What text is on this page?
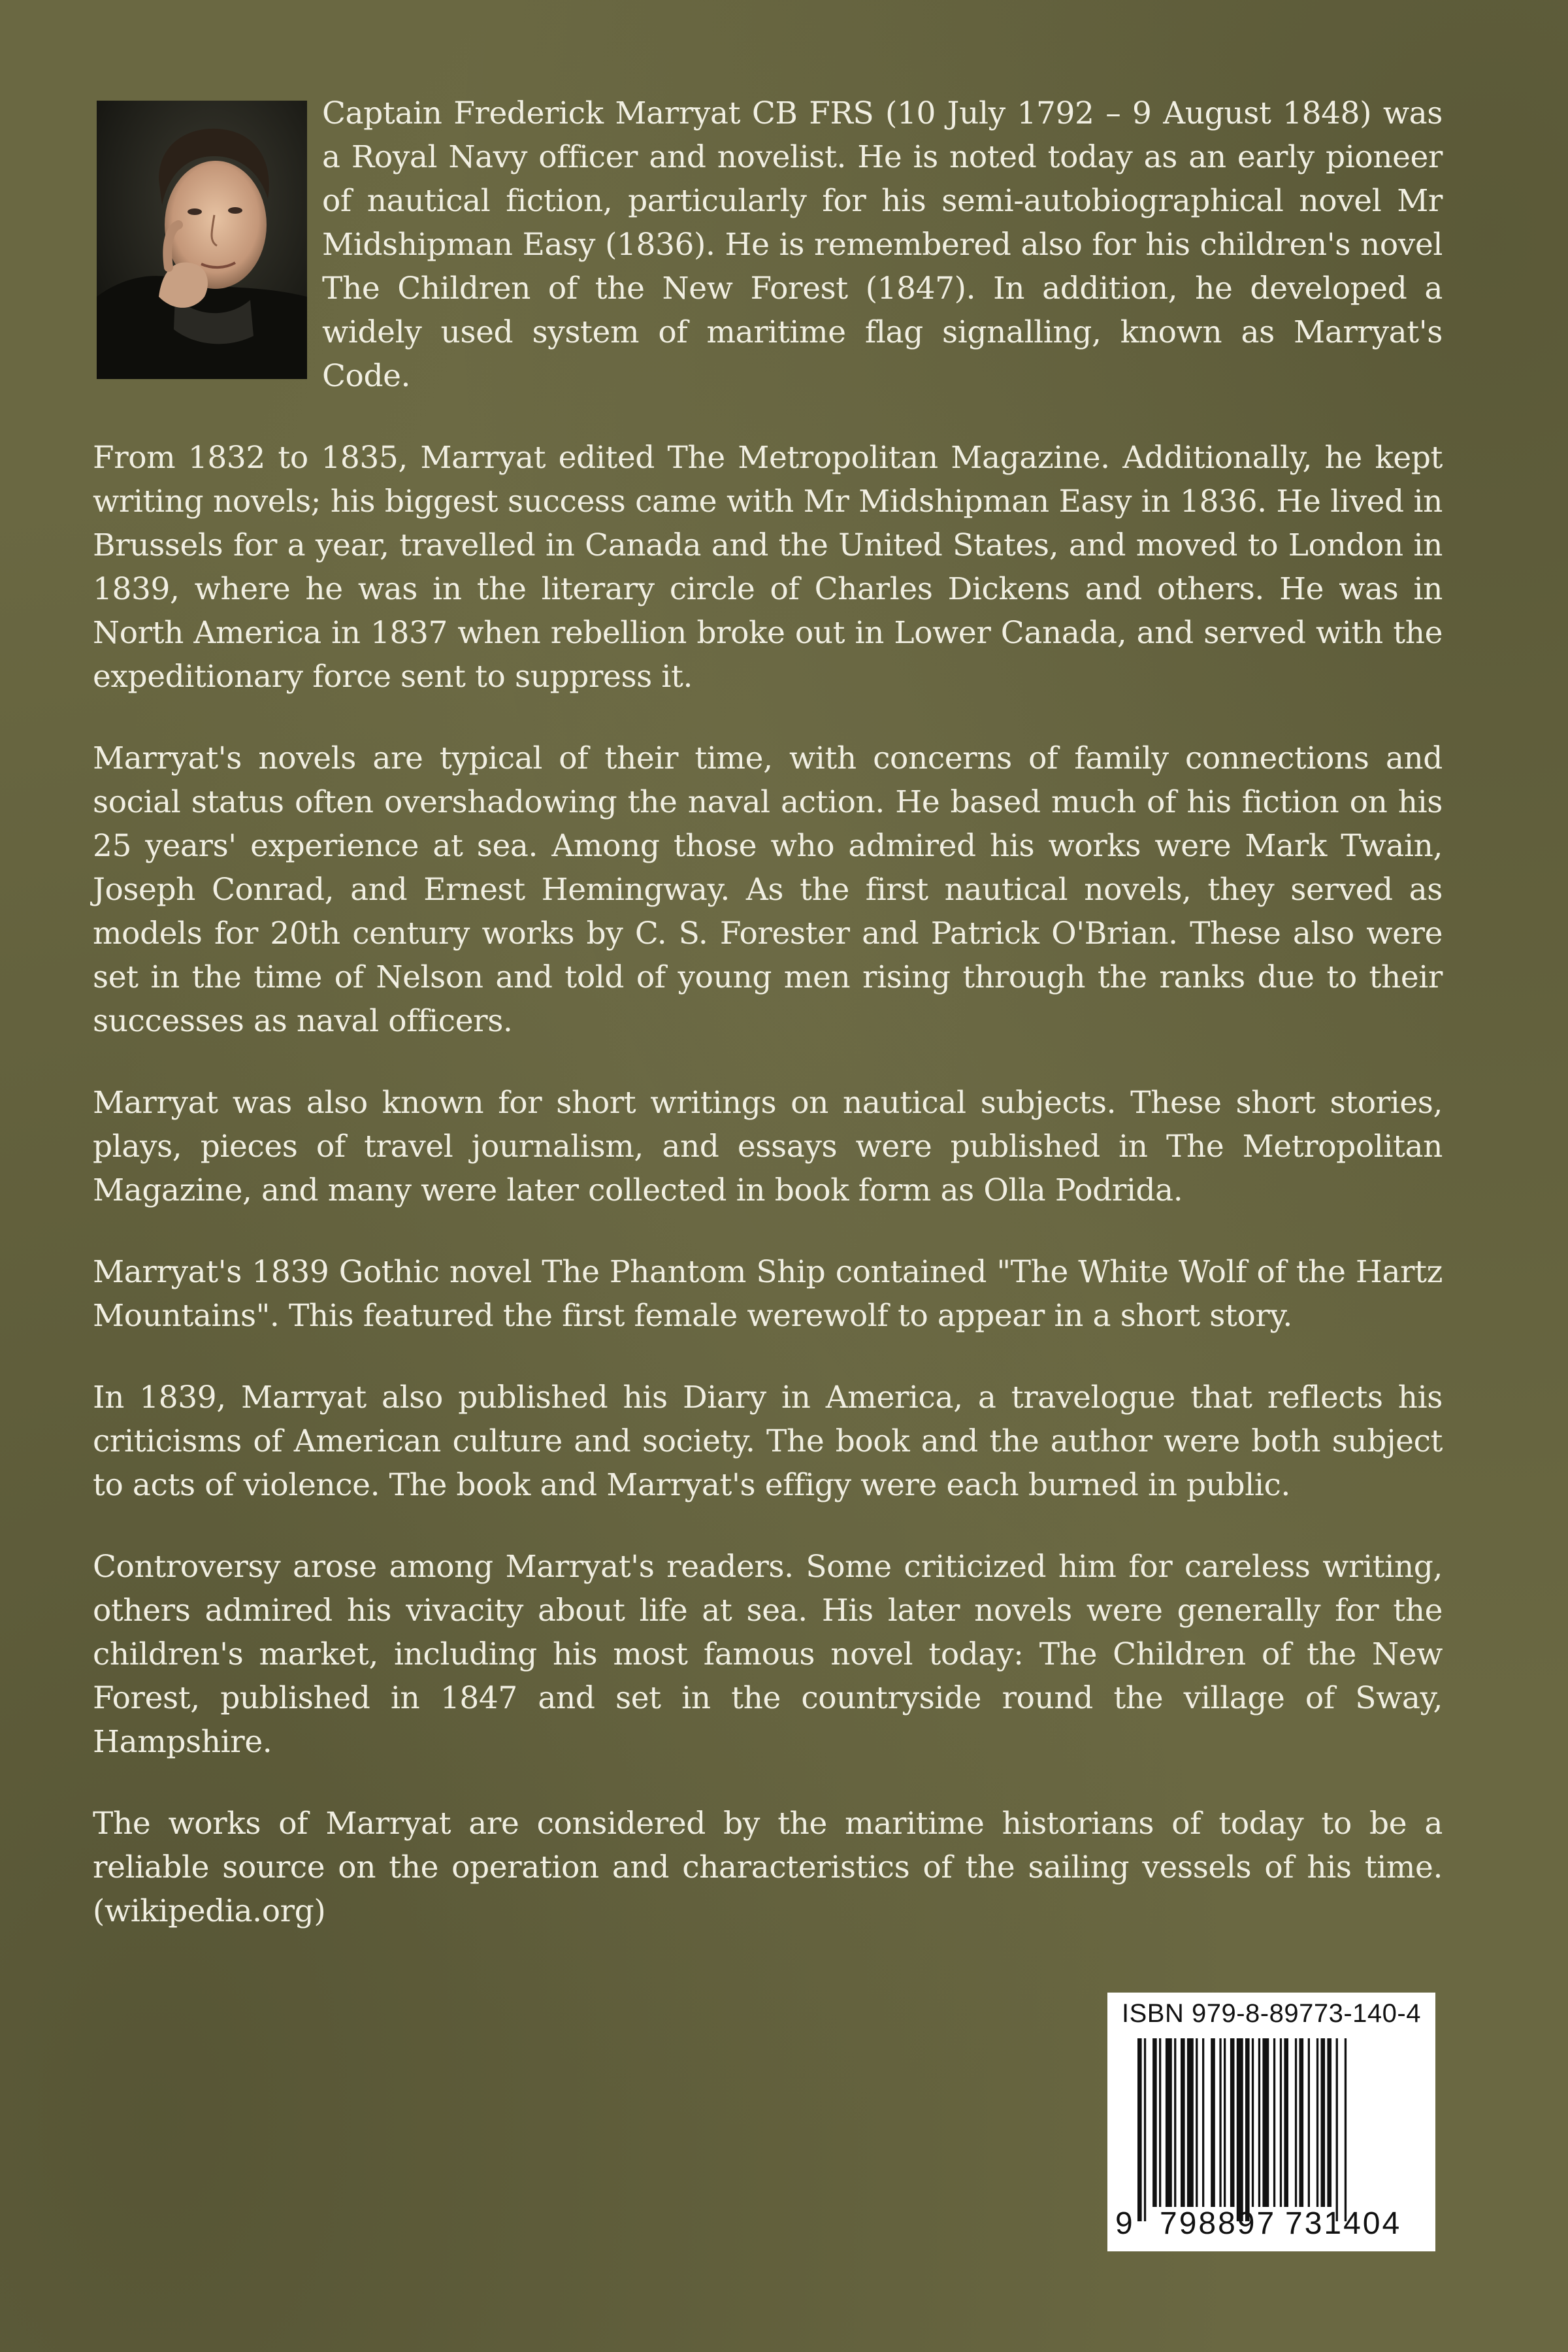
Captain Frederick Marryat CB FRS (10 July 1792 – 9 August 1848) was a Royal Navy officer and novelist. He is noted today as an early pioneer of nautical fiction, particularly for his semi-autobiographical novel Mr Midshipman Easy (1836). He is remembered also for his children's novel The Children of the New Forest (1847). In addition, he developed a widely used system of maritime flag signalling, known as Marryat's Code.

From 1832 to 1835, Marryat edited The Metropolitan Magazine. Additionally, he kept writing novels; his biggest success came with Mr Midshipman Easy in 1836. He lived in Brussels for a year, travelled in Canada and the United States, and moved to London in 1839, where he was in the literary circle of Charles Dickens and others. He was in North America in 1837 when rebellion broke out in Lower Canada, and served with the expeditionary force sent to suppress it.

Marryat's novels are typical of their time, with concerns of family connections and social status often overshadowing the naval action. He based much of his fiction on his 25 years' experience at sea. Among those who admired his works were Mark Twain, Joseph Conrad, and Ernest Hemingway. As the first nautical novels, they served as models for 20th century works by C. S. Forester and Patrick O'Brian. These also were set in the time of Nelson and told of young men rising through the ranks due to their successes as naval officers.

Marryat was also known for short writings on nautical subjects. These short stories, plays, pieces of travel journalism, and essays were published in The Metropolitan Magazine, and many were later collected in book form as Olla Podrida.

Marryat's 1839 Gothic novel The Phantom Ship contained "The White Wolf of the Hartz Mountains". This featured the first female werewolf to appear in a short story.

In 1839, Marryat also published his Diary in America, a travelogue that reflects his criticisms of American culture and society. The book and the author were both subject to acts of violence. The book and Marryat's effigy were each burned in public.

Controversy arose among Marryat's readers. Some criticized him for careless writing, others admired his vivacity about life at sea. His later novels were generally for the children's market, including his most famous novel today: The Children of the New Forest, published in 1847 and set in the countryside round the village of Sway, Hampshire.

The works of Marryat are considered by the maritime historians of today to be a reliable source on the operation and characteristics of the sailing vessels of his time. (wikipedia.org)

ISBN 979-8-89773-140-4
9 798897 731404
